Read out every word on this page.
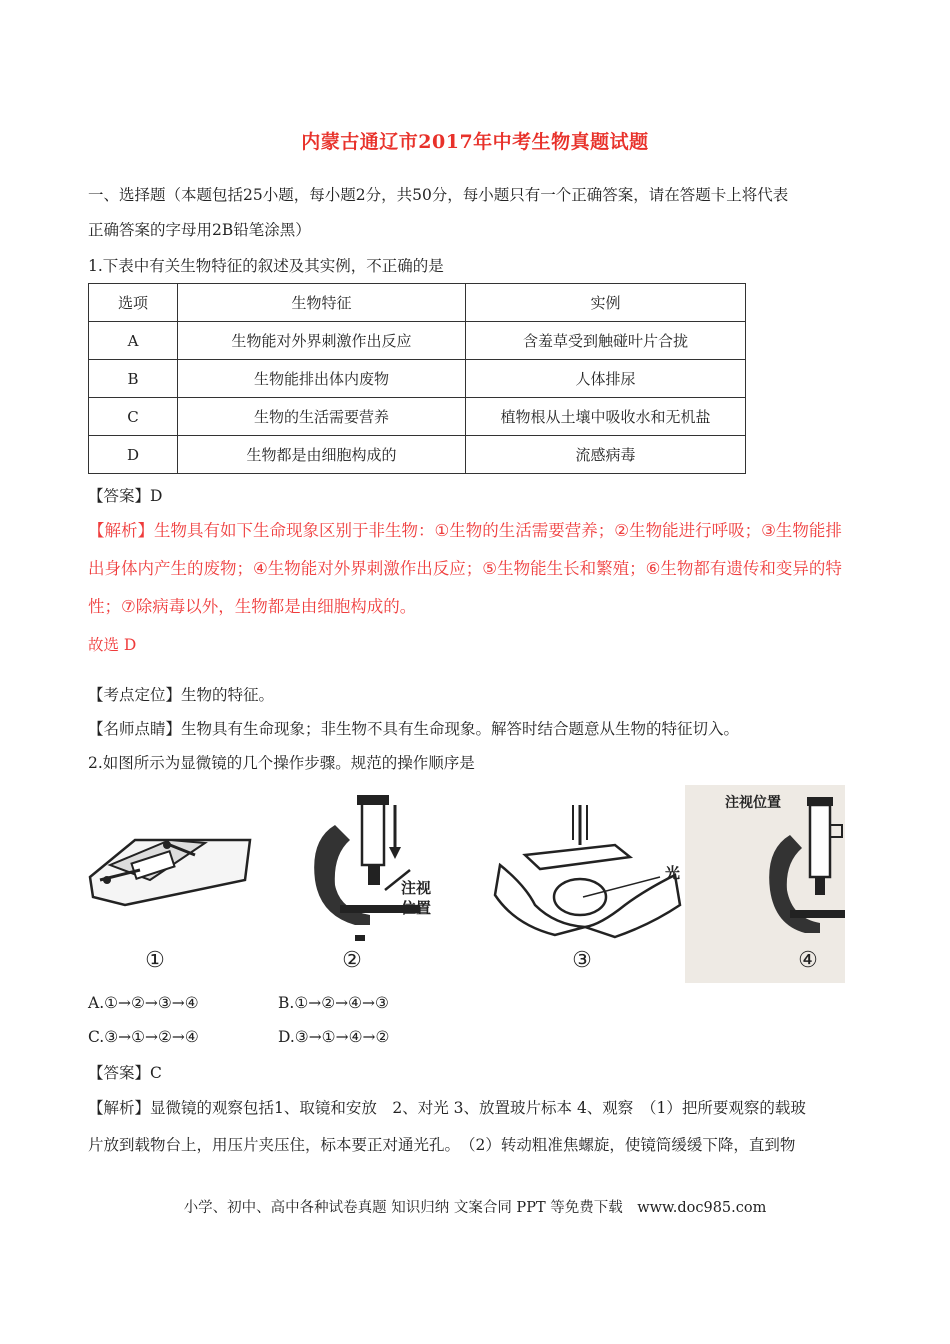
内蒙古通辽市2017年中考生物真题试题
一、选择题（本题包括25小题，每小题2分，共50分，每小题只有一个正确答案，请在答题卡上将代表
正确答案的字母用2B铅笔涂黑）
1.下表中有关生物特征的叙述及其实例，不正确的是
选项	生物特征	实例
A	生物能对外界刺激作出反应	含羞草受到触碰叶片合拢
B	生物能排出体内废物	人体排尿
C	生物的生活需要营养	植物根从土壤中吸收水和无机盐
D	生物都是由细胞构成的	流感病毒
【答案】D
【解析】生物具有如下生命现象区别于非生物：①生物的生活需要营养；②生物能进行呼吸；③生物能排
出身体内产生的废物；④生物能对外界刺激作出反应；⑤生物能生长和繁殖；⑥生物都有遗传和变异的特
性；⑦除病毒以外，生物都是由细胞构成的。
故选 D
【考点定位】生物的特征。
【名师点睛】生物具有生命现象；非生物不具有生命现象。解答时结合题意从生物的特征切入。
2.如图所示为显微镜的几个操作步骤。规范的操作顺序是
注视
位置
光
注视位置
①	②	③	④
A.①→②→③→④	B.①→②→④→③
C.③→①→②→④	D.③→①→④→②
【答案】C
【解析】显微镜的观察包括1、取镜和安放　2、对光 3、放置玻片标本 4、观察　（1）把所要观察的载玻
片放到载物台上，用压片夹压住，标本要正对通光孔。　（2）转动粗准焦螺旋，使镜筒缓缓下降，直到物
小学、初中、高中各种试卷真题 知识归纳 文案合同 PPT 等免费下载　www.doc985.com
